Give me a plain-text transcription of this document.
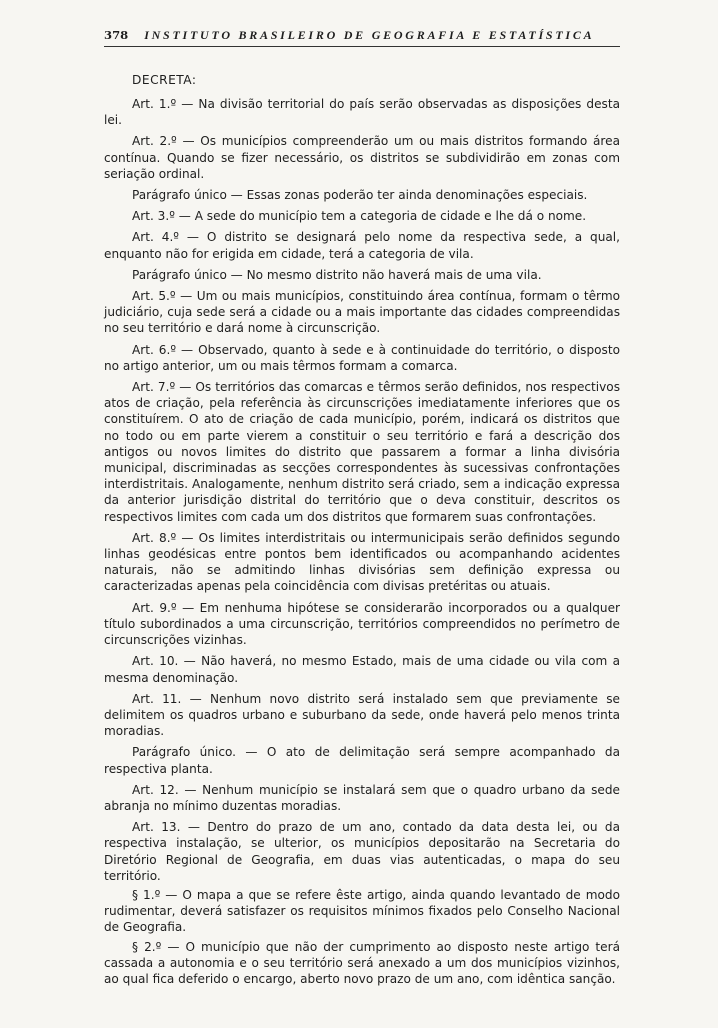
378 INSTITUTO BRASILEIRO DE GEOGRAFIA E ESTATÍSTICA
DECRETA:

Art. 1.º — Na divisão territorial do país serão observadas as disposições desta lei.

Art. 2.º — Os municípios compreenderão um ou mais distritos formando área contínua. Quando se fizer necessário, os distritos se subdividirão em zonas com seriação ordinal.

Parágrafo único — Essas zonas poderão ter ainda denominações especiais.

Art. 3.º — A sede do município tem a categoria de cidade e lhe dá o nome.

Art. 4.º — O distrito se designará pelo nome da respectiva sede, a qual, enquanto não for erigida em cidade, terá a categoria de vila.

Parágrafo único — No mesmo distrito não haverá mais de uma vila.

Art. 5.º — Um ou mais municípios, constituindo área contínua, formam o têrmo judiciário, cuja sede será a cidade ou a mais importante das cidades compreendidas no seu território e dará nome à circunscrição.

Art. 6.º — Observado, quanto à sede e à continuidade do território, o disposto no artigo anterior, um ou mais têrmos formam a comarca.

Art. 7.º — Os territórios das comarcas e têrmos serão definidos, nos respectivos atos de criação, pela referência às circunscrições imediatamente inferiores que os constituírem. O ato de criação de cada município, porém, indicará os distritos que no todo ou em parte vierem a constituir o seu território e fará a descrição dos antigos ou novos limites do distrito que passarem a formar a linha divisória municipal, discriminadas as secções correspondentes às sucessivas confrontações interdistritais. Analogamente, nenhum distrito será criado, sem a indicação expressa da anterior jurisdição distrital do território que o deva constituir, descritos os respectivos limites com cada um dos distritos que formarem suas confrontações.

Art. 8.º — Os limites interdistritais ou intermunicipais serão definidos segundo linhas geodésicas entre pontos bem identificados ou acompanhando acidentes naturais, não se admitindo linhas divisórias sem definição expressa ou caracterizadas apenas pela coincidência com divisas pretéritas ou atuais.

Art. 9.º — Em nenhuma hipótese se considerarão incorporados ou a qualquer título subordinados a uma circunscrição, territórios compreendidos no perímetro de circunscrições vizinhas.

Art. 10. — Não haverá, no mesmo Estado, mais de uma cidade ou vila com a mesma denominação.

Art. 11. — Nenhum novo distrito será instalado sem que previamente se delimitem os quadros urbano e suburbano da sede, onde haverá pelo menos trinta moradias.

Parágrafo único. — O ato de delimitação será sempre acompanhado da respectiva planta.

Art. 12. — Nenhum município se instalará sem que o quadro urbano da sede abranja no mínimo duzentas moradias.

Art. 13. — Dentro do prazo de um ano, contado da data desta lei, ou da respectiva instalação, se ulterior, os municípios depositarão na Secretaria do Diretório Regional de Geografia, em duas vias autenticadas, o mapa do seu território.

§ 1.º — O mapa a que se refere êste artigo, ainda quando levantado de modo rudimentar, deverá satisfazer os requisitos mínimos fixados pelo Conselho Nacional de Geografia.

§ 2.º — O município que não der cumprimento ao disposto neste artigo terá cassada a autonomia e o seu território será anexado a um dos municípios vizinhos, ao qual fica deferido o encargo, aberto novo prazo de um ano, com idêntica sanção.
